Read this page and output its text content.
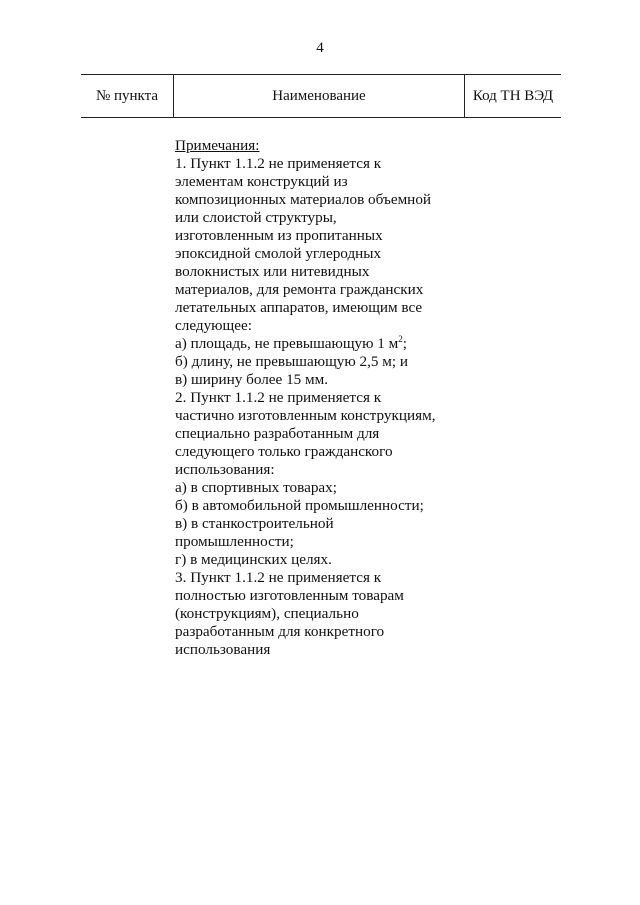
4
№ пункта	Наименование	Код ТН ВЭД
Примечания:
1. Пункт 1.1.2 не применяется к
элементам конструкций из
композиционных материалов объемной
или слоистой структуры,
изготовленным из пропитанных
эпоксидной смолой углеродных
волокнистых или нитевидных
материалов, для ремонта гражданских
летательных аппаратов, имеющим все
следующее:
а) площадь, не превышающую 1 $м^2$;
б) длину, не превышающую 2,5 м; и
в) ширину более 15 мм.
2. Пункт 1.1.2 не применяется к
частично изготовленным конструкциям,
специально разработанным для
следующего только гражданского
использования:
а) в спортивных товарах;
б) в автомобильной промышленности;
в) в станкостроительной
промышленности;
г) в медицинских целях.
3. Пункт 1.1.2 не применяется к
полностью изготовленным товарам
(конструкциям), специально
разработанным для конкретного
использования
